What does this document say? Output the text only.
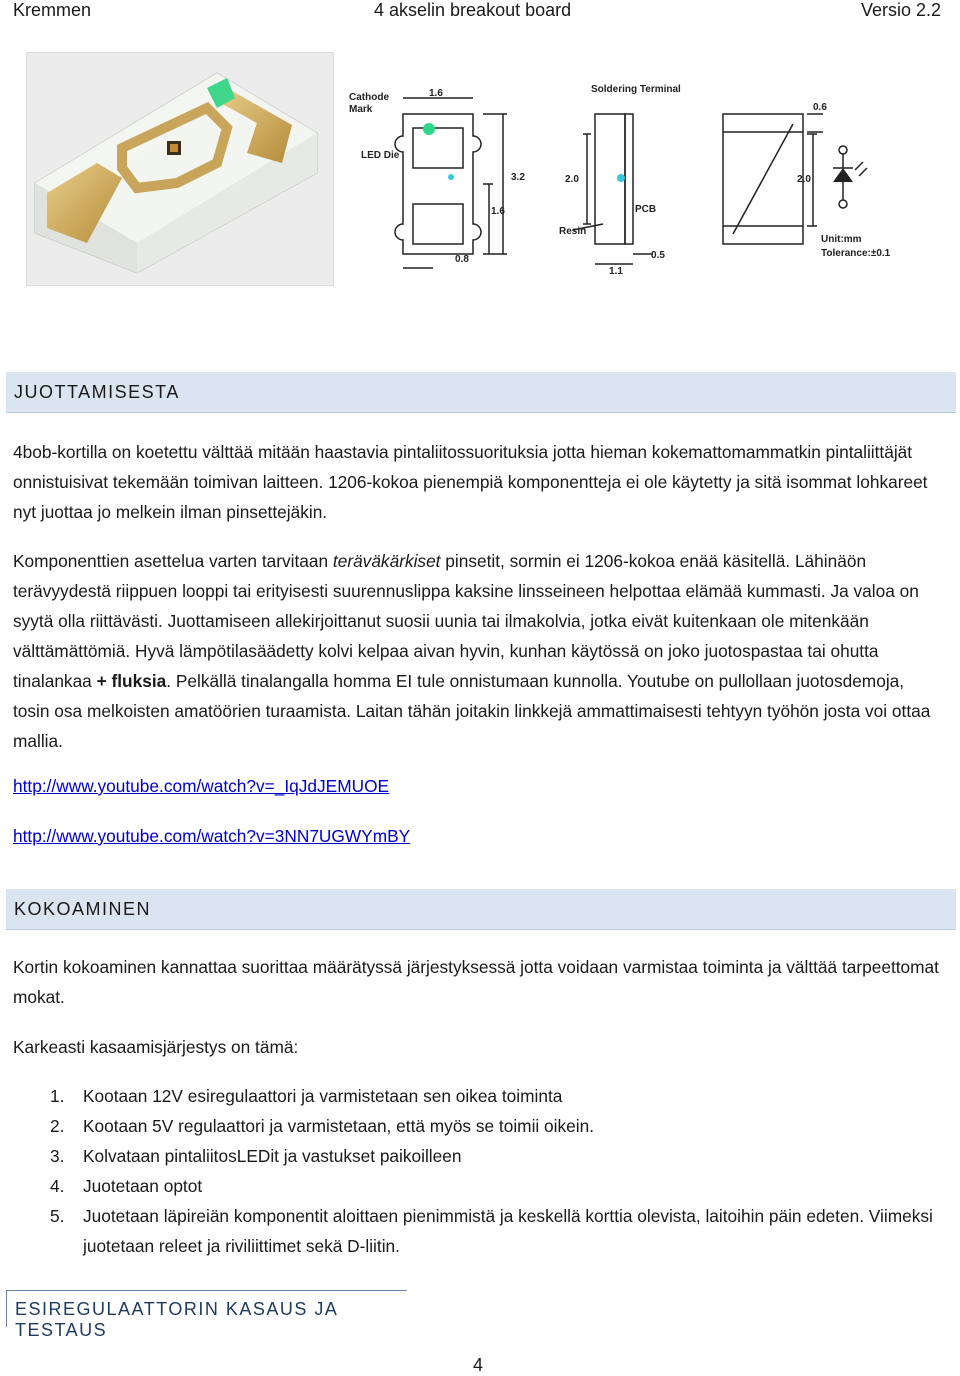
Kremmen	4 akselin breakout board	Versio 2.2
Cathode
Mark
LED Die
1.6
3.2
1.6
0.8
Soldering Terminal
2.0
PCB
Resin
1.1
0.5
0.6
2.0
Unit:mm
Tolerance:±0.1
JUOTTAMISESTA

4bob-kortilla on koetettu välttää mitään haastavia pintaliitossuorituksia jotta hieman kokemattomammatkin pintaliittäjät onnistuisivat tekemään toimivan laitteen. 1206-kokoa pienempiä komponentteja ei ole käytetty ja sitä isommat lohkareet nyt juottaa jo melkein ilman pinsettejäkin.

Komponenttien asettelua varten tarvitaan teräväkärkiset pinsetit, sormin ei 1206-kokoa enää käsitellä. Lähinäön terävyydestä riippuen looppi tai erityisesti suurennuslippa kaksine linsseineen helpottaa elämää kummasti. Ja valoa on syytä olla riittävästi. Juottamiseen allekirjoittanut suosii uunia tai ilmakolvia, jotka eivät kuitenkaan ole mitenkään välttämättömiä. Hyvä lämpötilasäädetty kolvi kelpaa aivan hyvin, kunhan käytössä on joko juotospastaa tai ohutta tinalankaa + fluksia. Pelkällä tinalangalla homma EI tule onnistumaan kunnolla. Youtube on pullollaan juotosdemoja, tosin osa melkoisten amatöörien turaamista. Laitan tähän joitakin linkkejä ammattimaisesti tehtyyn työhön josta voi ottaa mallia.

http://www.youtube.com/watch?v=_IqJdJEMUOE
http://www.youtube.com/watch?v=3NN7UGWYmBY
KOKOAMINEN

Kortin kokoaminen kannattaa suorittaa määrätyssä järjestyksessä jotta voidaan varmistaa toiminta ja välttää tarpeettomat mokat.

Karkeasti kasaamisjärjestys on tämä:

1. Kootaan 12V esiregulaattori ja varmistetaan sen oikea toiminta
2. Kootaan 5V regulaattori ja varmistetaan, että myös se toimii oikein.
3. Kolvataan pintaliitosLEDit ja vastukset paikoilleen
4. Juotetaan optot
5. Juotetaan läpireiän komponentit aloittaen pienimmistä ja keskellä korttia olevista, laitoihin päin edeten. Viimeksi juotetaan releet ja riviliittimet sekä D-liitin.
ESIREGULAATTORIN KASAUS JA TESTAUS
4
